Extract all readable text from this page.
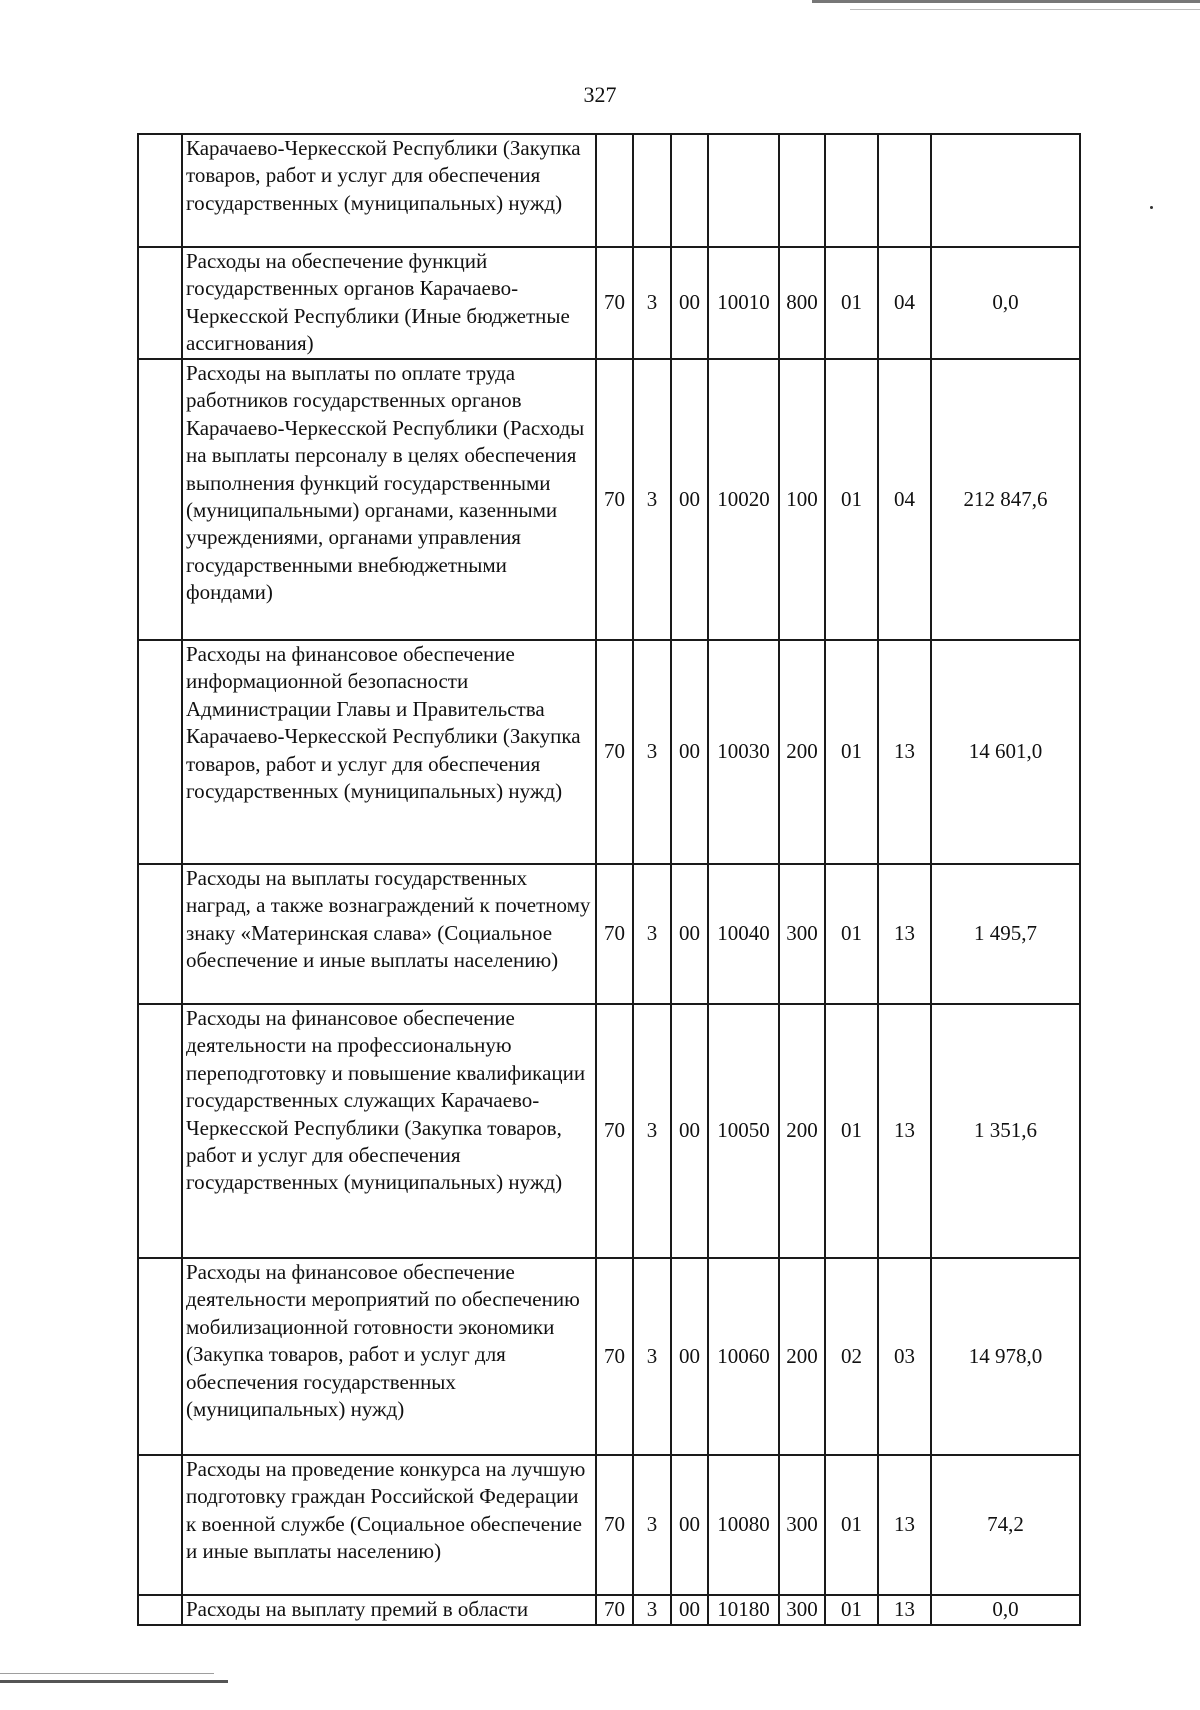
327
	Карачаево-Черкесской Республики (Закупка товаров, работ и услуг для обеспечения государственных (муниципальных) нужд)								
	Расходы на обеспечение функций государственных органов Карачаево-Черкесской Республики (Иные бюджетные ассигнования)	70	3	00	10010	800	01	04	0,0
	Расходы на выплаты по оплате труда работников государственных органов Карачаево-Черкесской Республики (Расходы на выплаты персоналу в целях обеспечения выполнения функций государственными (муниципальными) органами, казенными учреждениями, органами управления государственными внебюджетными фондами)	70	3	00	10020	100	01	04	212 847,6
	Расходы на финансовое обеспечение информационной безопасности Администрации Главы и Правительства Карачаево-Черкесской Республики (Закупка товаров, работ и услуг для обеспечения государственных (муниципальных) нужд)	70	3	00	10030	200	01	13	14 601,0
	Расходы на выплаты государственных наград, а также вознаграждений к почетному знаку «Материнская слава» (Социальное обеспечение и иные выплаты населению)	70	3	00	10040	300	01	13	1 495,7
	Расходы на финансовое обеспечение деятельности на профессиональную переподготовку и повышение квалификации государственных служащих Карачаево-Черкесской Республики (Закупка товаров, работ и услуг для обеспечения государственных (муниципальных) нужд)	70	3	00	10050	200	01	13	1 351,6
	Расходы на финансовое обеспечение деятельности мероприятий по обеспечению мобилизационной готовности экономики (Закупка товаров, работ и услуг для обеспечения государственных (муниципальных) нужд)	70	3	00	10060	200	02	03	14 978,0
	Расходы на проведение конкурса на лучшую подготовку граждан Российской Федерации к военной службе (Социальное обеспечение и иные выплаты населению)	70	3	00	10080	300	01	13	74,2
	Расходы на выплату премий в области	70	3	00	10180	300	01	13	0,0
